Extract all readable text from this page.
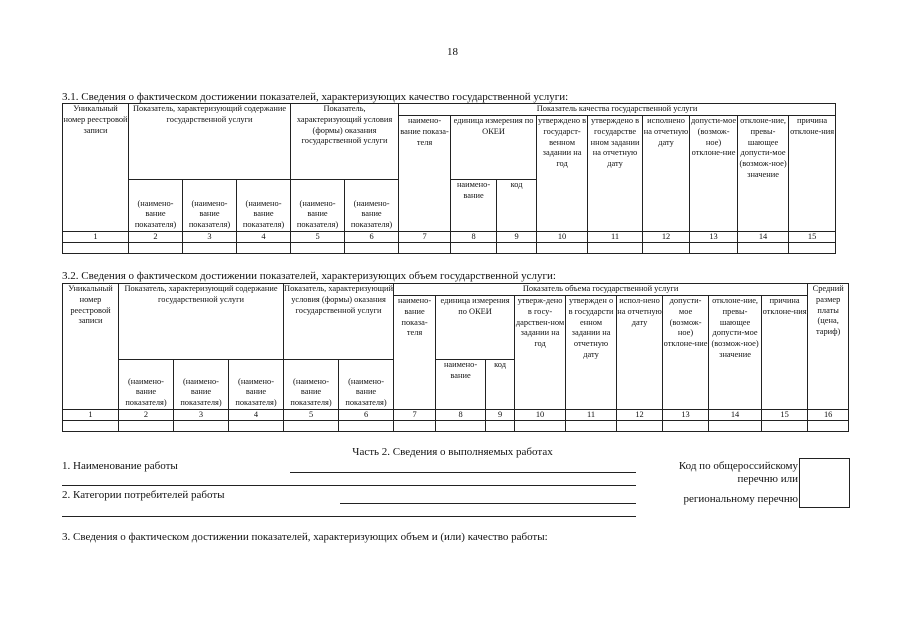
18
3.1. Сведения о фактическом достижении показателей, характеризующих качество государственной услуги:
Уникальный номер реестровой записи	Показатель, характеризующий содержание государственной услуги			Показатель, характеризующий условия (формы) оказания государственной услуги		Показатель качества государственной услуги								
						наимено-вание показа-теля	единица измерения по ОКЕИ		утверждено в государст-венном задании на год	утверждено в государстве нном задании на отчетную дату	исполнено на отчетную дату	допусти-мое (возмож-ное) отклоне-ние	отклоне-ние, превы-шающее допусти-мое (возмож-ное) значение	причина отклоне-ния
	(наимено-вание показателя)	(наимено-вание показателя)	(наимено-вание показателя)	(наимено-вание показателя)	(наимено-вание показателя)		наимено-вание	код						
1	2	3	4	5	6	7	8	9	10	11	12	13	14	15

3.2. Сведения о фактическом достижении показателей, характеризующих объем государственной услуги:
Уникальный номер реестровой записи	Показатель, характеризующий содержание государственной услуги			Показатель, характеризующий условия (формы) оказания государственной услуги		Показатель объема государственной услуги									Средний размер платы (цена, тариф)
						наимено-вание показа-теля	единица измерения по ОКЕИ		утверж-дено в госу-дарствен-ном задании на год	утвержден о в государсти енном задании на отчетную дату	испол-нено на отчетную дату	допусти-мое (возмож-ное) отклоне-ние	отклоне-ние, превы-шающее допусти-мое (возмож-ное) значение	причина отклоне-ния	
	(наимено-вание показателя)	(наимено-вание показателя)	(наимено-вание показателя)	(наимено-вание показателя)	(наимено-вание показателя)		наимено-вание	код							
1	2	3	4	5	6	7	8	9	10	11	12	13	14	15	16

Часть 2. Сведения о выполняемых работах
1. Наименование работы
2. Категории потребителей работы
Код по общероссийскому
перечню или
региональному перечню
3. Сведения о фактическом достижении показателей, характеризующих объем и (или) качество работы:
